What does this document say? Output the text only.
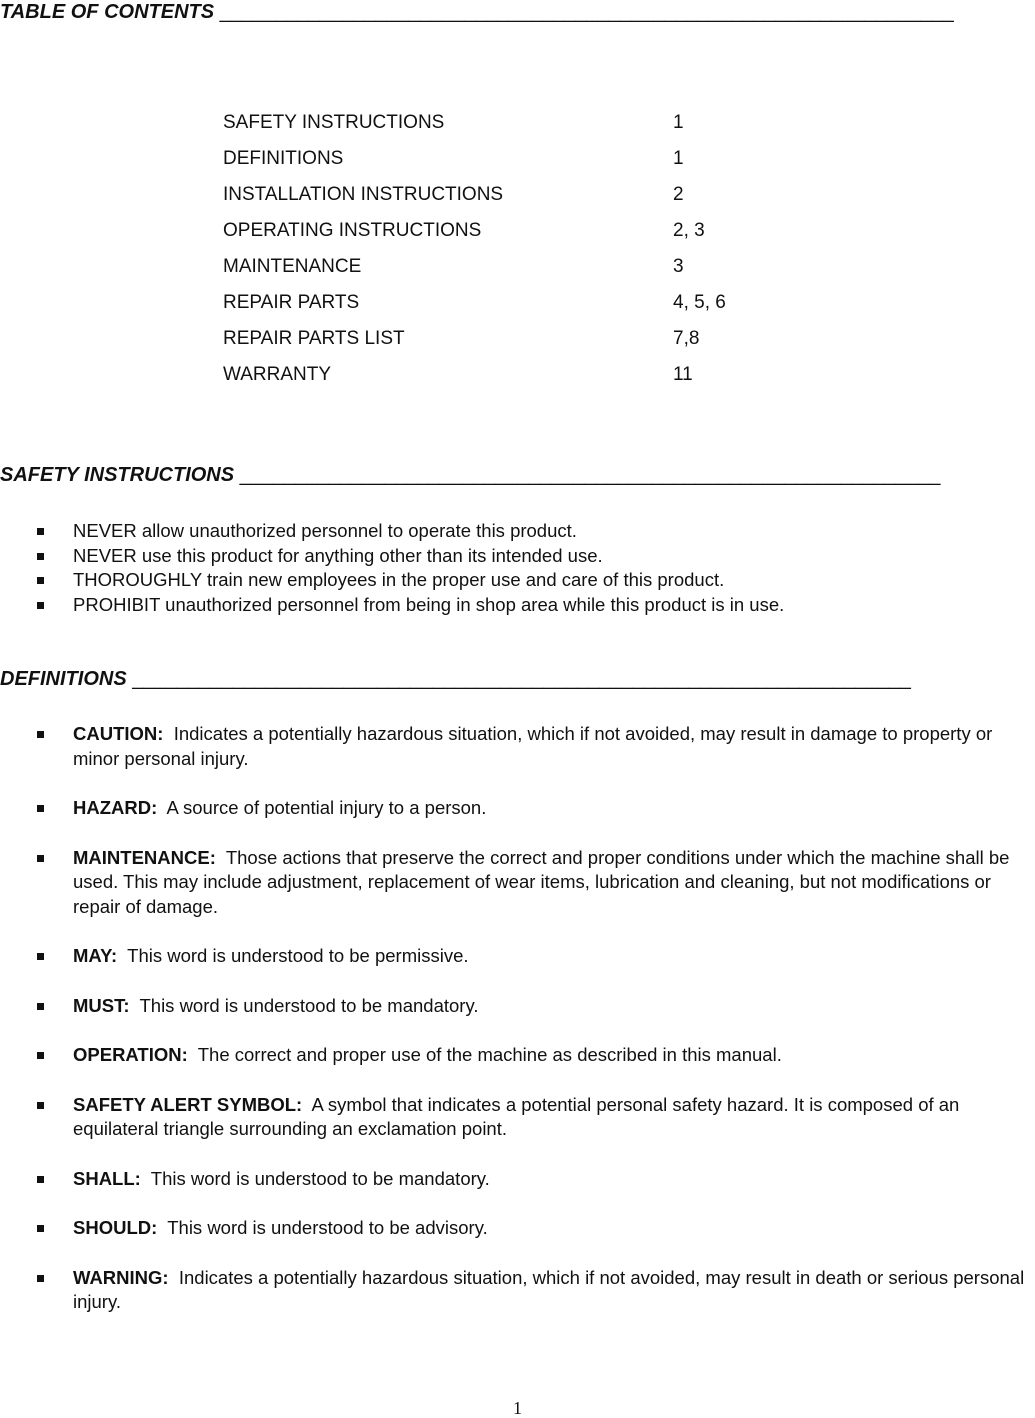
TABLE OF CONTENTS __________________________________________________________________
SAFETY INSTRUCTIONS	1
DEFINITIONS	1
INSTALLATION INSTRUCTIONS	2
OPERATING INSTRUCTIONS	2, 3
MAINTENANCE	3
REPAIR PARTS	4, 5, 6
REPAIR PARTS LIST	7,8
WARRANTY	11
SAFETY INSTRUCTIONS _______________________________________________________________
NEVER allow unauthorized personnel to operate this product.
NEVER use this product for anything other than its intended use.
THOROUGHLY train new employees in the proper use and care of this product.
PROHIBIT unauthorized personnel from being in shop area while this product is in use.
DEFINITIONS ______________________________________________________________________
CAUTION: Indicates a potentially hazardous situation, which if not avoided, may result in damage to property or minor personal injury.
HAZARD: A source of potential injury to a person.
MAINTENANCE: Those actions that preserve the correct and proper conditions under which the machine shall be used. This may include adjustment, replacement of wear items, lubrication and cleaning, but not modifications or repair of damage.
MAY: This word is understood to be permissive.
MUST: This word is understood to be mandatory.
OPERATION: The correct and proper use of the machine as described in this manual.
SAFETY ALERT SYMBOL: A symbol that indicates a potential personal safety hazard. It is composed of an equilateral triangle surrounding an exclamation point.
SHALL: This word is understood to be mandatory.
SHOULD: This word is understood to be advisory.
WARNING: Indicates a potentially hazardous situation, which if not avoided, may result in death or serious personal injury.
1
